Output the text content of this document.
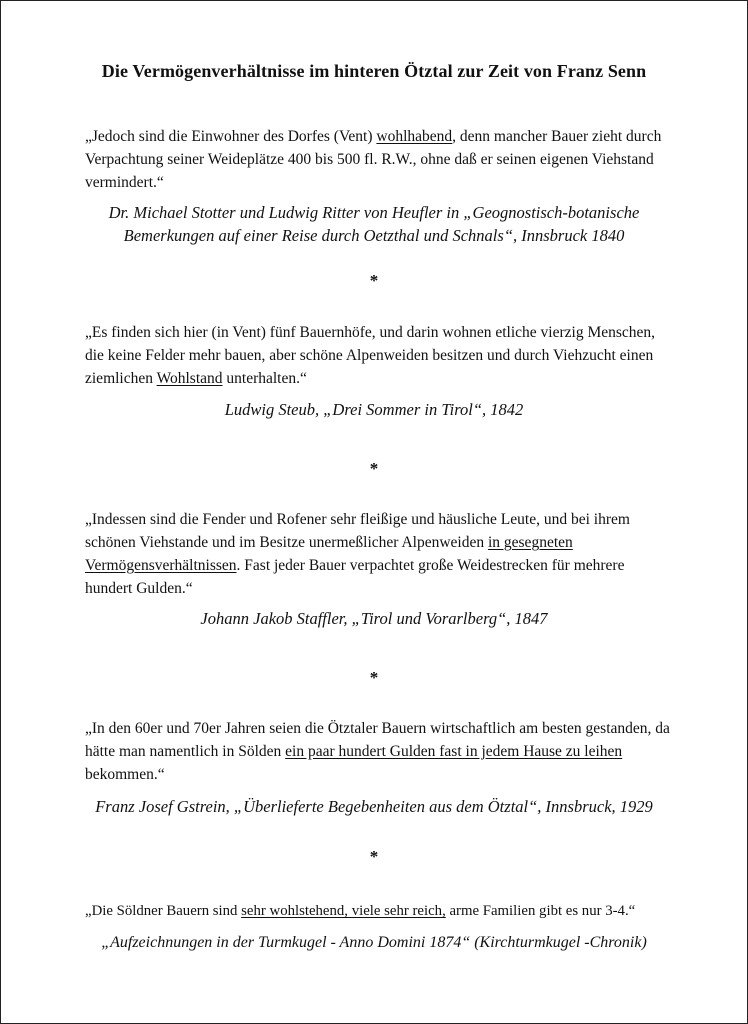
Die Vermögenverhältnisse im hinteren Ötztal zur Zeit von Franz Senn
„Jedoch sind die Einwohner des Dorfes (Vent) wohlhabend, denn mancher Bauer zieht durch Verpachtung seiner Weideplätze 400 bis 500 fl. R.W., ohne daß er seinen eigenen Viehstand vermindert.“
Dr. Michael Stotter und Ludwig Ritter von Heufler in „Geognostisch-botanische
Bemerkungen auf einer Reise durch Oetzthal und Schnals“, Innsbruck 1840
*
„Es finden sich hier (in Vent) fünf Bauernhöfe, und darin wohnen etliche vierzig Menschen, die keine Felder mehr bauen, aber schöne Alpenweiden besitzen und durch Viehzucht einen ziemlichen Wohlstand unterhalten.“
Ludwig Steub, „Drei Sommer in Tirol“, 1842
*
„Indessen sind die Fender und Rofener sehr fleißige und häusliche Leute, und bei ihrem schönen Viehstande und im Besitze unermeßlicher Alpenweiden in gesegneten Vermögensverhältnissen. Fast jeder Bauer verpachtet große Weidestrecken für mehrere hundert Gulden.“
Johann Jakob Staffler, „Tirol und Vorarlberg“, 1847
*
„In den 60er und 70er Jahren seien die Ötztaler Bauern wirtschaftlich am besten gestanden, da hätte man namentlich in Sölden ein paar hundert Gulden fast in jedem Hause zu leihen bekommen.“
Franz Josef Gstrein, „Überlieferte Begebenheiten aus dem Ötztal“, Innsbruck, 1929
*
„Die Söldner Bauern sind sehr wohlstehend, viele sehr reich, arme Familien gibt es nur 3-4.“
„Aufzeichnungen in der Turmkugel - Anno Domini 1874“ (Kirchturmkugel -Chronik)
